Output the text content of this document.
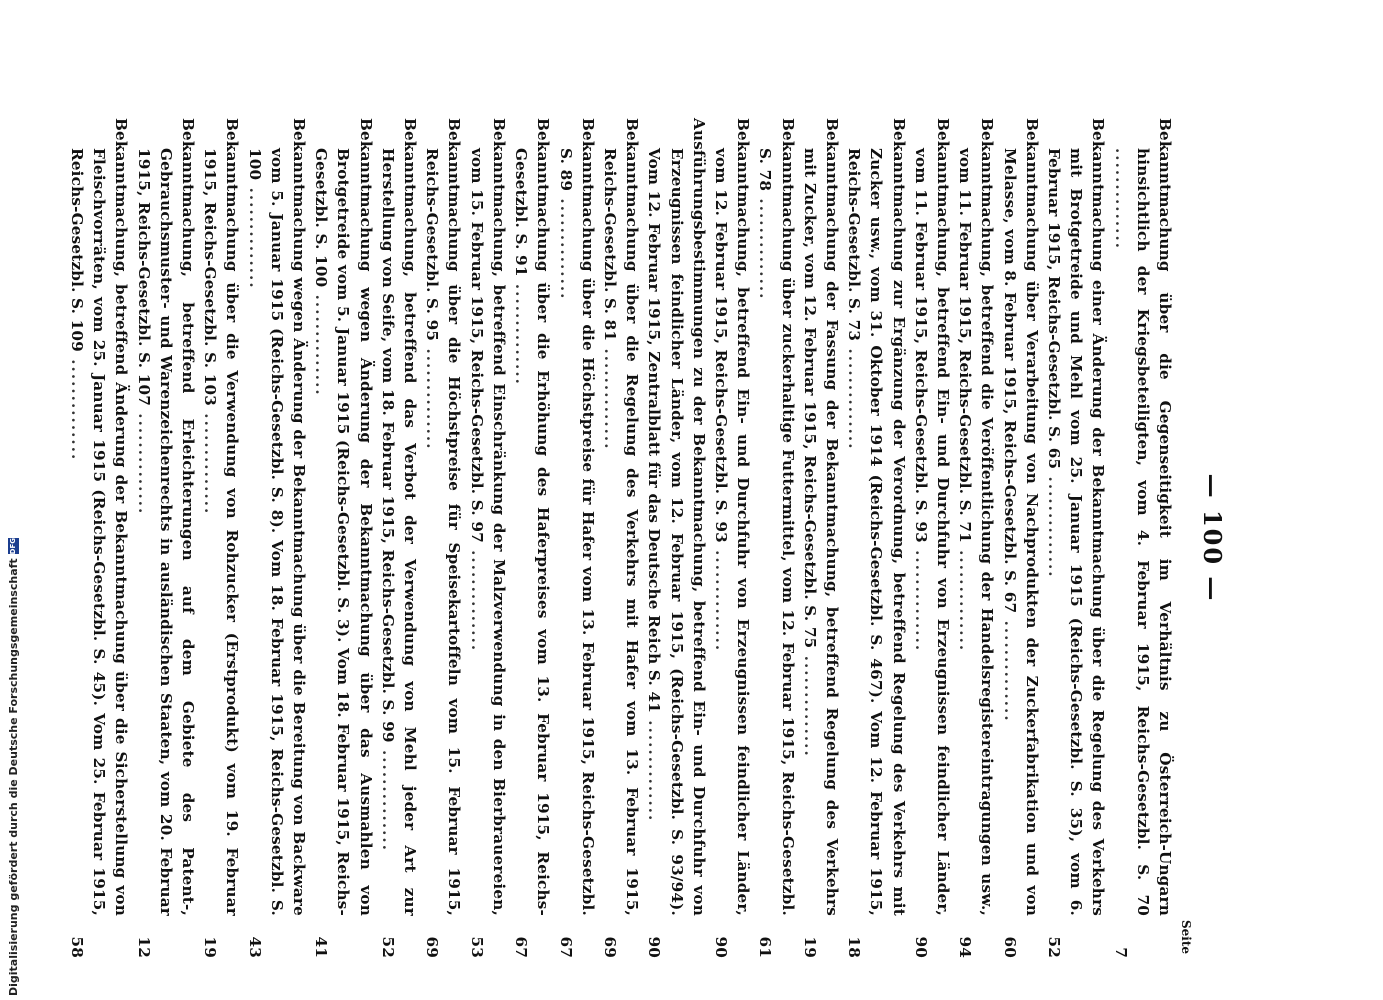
— 100 —
Seite
Bekanntmachung über die Gegenseitigkeit im Verhältnis zu Österreich-Ungarn hinsichtlich der Kriegsbeteiligten, vom 4. Februar 1915, Reichs-Gesetzbl. S. 70 ..............
7
Bekanntmachung einer Änderung der Bekanntmachung über die Regelung des Verkehrs mit Brotgetreide und Mehl vom 25. Januar 1915 (Reichs-Gesetzbl. S. 35), vom 6. Februar 1915, Reichs-Gesetzbl. S. 65 ..............
52
Bekanntmachung über Verarbeitung von Nachprodukten der Zuckerfabrikation und von Melasse, vom 8. Februar 1915, Reichs-Gesetzbl. S. 67 ..............
60
Bekanntmachung, betreffend die Veröffentlichung der Handelsregistereintragungen usw., vom 11. Februar 1915, Reichs-Gesetzbl. S. 71 ..............
94
Bekanntmachung, betreffend Ein- und Durchfuhr von Erzeugnissen feindlicher Länder, vom 11. Februar 1915, Reichs-Gesetzbl. S. 93 ..............
90
Bekanntmachung zur Ergänzung der Verordnung, betreffend Regelung des Verkehrs mit Zucker usw., vom 31. Oktober 1914 (Reichs-Gesetzbl. S. 467). Vom 12. Februar 1915, Reichs-Gesetzbl. S. 73 ..............
18
Bekanntmachung der Fassung der Bekanntmachung, betreffend Regelung des Verkehrs mit Zucker, vom 12. Februar 1915, Reichs-Gesetzbl. S. 75 ..............
19
Bekanntmachung über zuckerhaltige Futtermittel, vom 12. Februar 1915, Reichs-Gesetzbl. S. 78 ..............
61
Bekanntmachung, betreffend Ein- und Durchfuhr von Erzeugnissen feindlicher Länder, vom 12. Februar 1915, Reichs-Gesetzbl. S. 93 ..............
90
Ausführungsbestimmungen zu der Bekanntmachung, betreffend Ein- und Durchfuhr von Erzeugnissen feindlicher Länder, vom 12. Februar 1915, (Reichs-Gesetzbl. S. 93/94). Vom 12. Februar 1915, Zentralblatt für das Deutsche Reich S. 41 ..............
90
Bekanntmachung über die Regelung des Verkehrs mit Hafer vom 13. Februar 1915, Reichs-Gesetzbl. S. 81 ..............
69
Bekanntmachung über die Höchstpreise für Hafer vom 13. Februar 1915, Reichs-Gesetzbl. S. 89 ..............
67
Bekanntmachung über die Erhöhung des Haferpreises vom 13. Februar 1915, Reichs-Gesetzbl. S. 91 ..............
67
Bekanntmachung, betreffend Einschränkung der Malzverwendung in den Bierbrauereien, vom 15. Februar 1915, Reichs-Gesetzbl. S. 97 ..............
53
Bekanntmachung über die Höchstpreise für Speisekartoffeln vom 15. Februar 1915, Reichs-Gesetzbl. S. 95 ..............
69
Bekanntmachung, betreffend das Verbot der Verwendung von Mehl jeder Art zur Herstellung von Seife, vom 18. Februar 1915, Reichs-Gesetzbl. S. 99 ..............
52
Bekanntmachung wegen Änderung der Bekanntmachung über das Ausmahlen von Brotgetreide vom 5. Januar 1915 (Reichs-Gesetzbl. S. 3). Vom 18. Februar 1915, Reichs-Gesetzbl. S. 100 ..............
41
Bekanntmachung wegen Änderung der Bekanntmachung über die Bereitung von Backware vom 5. Januar 1915 (Reichs-Gesetzbl. S. 8). Vom 18. Februar 1915, Reichs-Gesetzbl. S. 100 ..............
43
Bekanntmachung über die Verwendung von Rohzucker (Erstprodukt) vom 19. Februar 1915, Reichs-Gesetzbl. S. 103 ..............
19
Bekanntmachung, betreffend Erleichterungen auf dem Gebiete des Patent-, Gebrauchsmuster- und Warenzeichenrechts in ausländischen Staaten, vom 20. Februar 1915, Reichs-Gesetzbl. S. 107 ..............
12
Bekanntmachung, betreffend Änderung der Bekanntmachung über die Sicherstellung von Fleischvorräten, vom 25. Januar 1915 (Reichs-Gesetzbl. S. 45). Vom 25. Februar 1915, Reichs-Gesetzbl. S. 109 ..............
58
Digitalisierung gefördert durch die Deutsche Forschungsgemeinschaft
DFG
